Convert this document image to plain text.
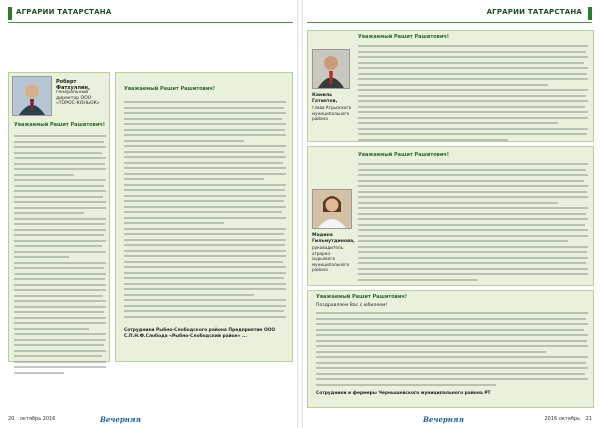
АГРАРИИ ТАТАРСТАНА
Роберт Фатхуллин,
генеральный директор ООО «ТОРОС-КОНЬОК»
Уважаемый Рашит Рашитович!
Уважаемый Рашит Рашитович!
Сотрудники Рыбно-Слободского района Предприятие ООО С.П.Н.Ф.Слобода «Рыбно-Слободский район» ...
20 октябрь 2016	Вечерняя
АГРАРИИ ТАТАРСТАНА
Уважаемый Рашит Рашитович!
Камиль Гатиятов,
глава Агрызского муниципального района
Уважаемый Рашит Рашитович!
Мадина Гильмутдинова,
руководитель аграрно-сырьевого муниципального района
Уважаемый Рашит Рашитович!
Поздравляем Вас с юбилеем!
Сотрудники и фермеры Чернышевского муниципального района РТ
Вечерняя	2016 октябрь 21
